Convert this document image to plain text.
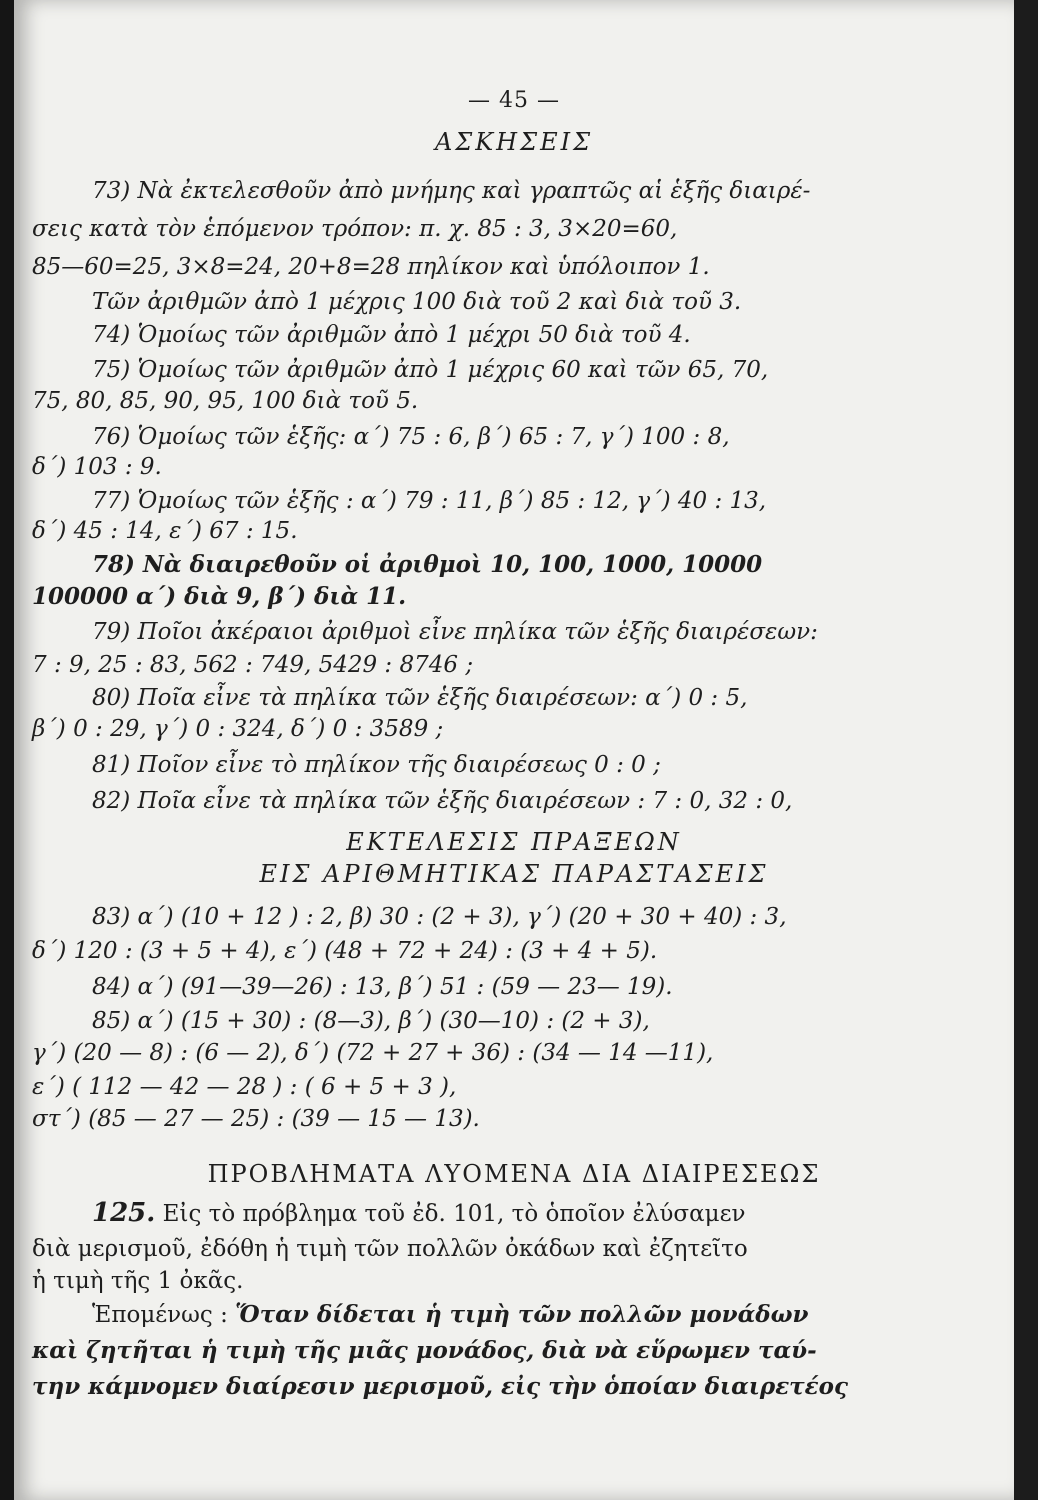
— 45 —
ΑΣΚΗΣΕΙΣ
73) Νὰ ἐκτελεσθοῦν ἀπὸ μνήμης καὶ γραπτῶς αἱ ἑξῆς διαιρέ-
σεις κατὰ τὸν ἑπόμενον τρόπον: π. χ. 85 : 3, 3×20=60,
85—60=25, 3×8=24, 20+8=28 πηλίκον καὶ ὑπόλοιπον 1.
Τῶν ἀριθμῶν ἀπὸ 1 μέχρις 100 διὰ τοῦ 2 καὶ διὰ τοῦ 3.
74) Ὁμοίως τῶν ἀριθμῶν ἀπὸ 1 μέχρι 50 διὰ τοῦ 4.
75) Ὁμοίως τῶν ἀριθμῶν ἀπὸ 1 μέχρις 60 καὶ τῶν 65, 70,
75, 80, 85, 90, 95, 100 διὰ τοῦ 5.
76) Ὁμοίως τῶν ἑξῆς: α΄) 75 : 6, β΄) 65 : 7, γ΄) 100 : 8,
δ΄) 103 : 9.
77) Ὁμοίως τῶν ἑξῆς : α΄) 79 : 11, β΄) 85 : 12, γ΄) 40 : 13,
δ΄) 45 : 14, ε΄) 67 : 15.
78) Νὰ διαιρεθοῦν οἱ ἀριθμοὶ 10, 100, 1000, 10000
100000 α΄) διὰ 9, β΄) διὰ 11.
79) Ποῖοι ἀκέραιοι ἀριθμοὶ εἶνε πηλίκα τῶν ἑξῆς διαιρέσεων:
7 : 9, 25 : 83, 562 : 749, 5429 : 8746 ;
80) Ποῖα εἶνε τὰ πηλίκα τῶν ἑξῆς διαιρέσεων: α΄) 0 : 5,
β΄) 0 : 29, γ΄) 0 : 324, δ΄) 0 : 3589 ;
81) Ποῖον εἶνε τὸ πηλίκον τῆς διαιρέσεως 0 : 0 ;
82) Ποῖα εἶνε τὰ πηλίκα τῶν ἑξῆς διαιρέσεων : 7 : 0, 32 : 0,
ΕΚΤΕΛΕΣΙΣ ΠΡΑΞΕΩΝ
ΕΙΣ ΑΡΙΘΜΗΤΙΚΑΣ ΠΑΡΑΣΤΑΣΕΙΣ
83) α΄) (10 + 12 ) : 2, β) 30 : (2 + 3), γ΄) (20 + 30 + 40) : 3,
δ΄) 120 : (3 + 5 + 4), ε΄) (48 + 72 + 24) : (3 + 4 + 5).
84) α΄) (91—39—26) : 13, β΄) 51 : (59 — 23— 19).
85) α΄) (15 + 30) : (8—3), β΄) (30—10) : (2 + 3),
γ΄) (20 — 8) : (6 — 2), δ΄) (72 + 27 + 36) : (34 — 14 —11),
ε΄) ( 112 — 42 — 28 ) : ( 6 + 5 + 3 ),
στ΄) (85 — 27 — 25) : (39 — 15 — 13).
ΠΡΟΒΛΗΜΑΤΑ ΛΥΟΜΕΝΑ ΔΙΑ ΔΙΑΙΡΕΣΕΩΣ
125. Εἰς τὸ πρόβλημα τοῦ ἐδ. 101, τὸ ὁποῖον ἐλύσαμεν
διὰ μερισμοῦ, ἐδόθη ἡ τιμὴ τῶν πολλῶν ὀκάδων καὶ ἐζητεῖτο
ἡ τιμὴ τῆς 1 ὀκᾶς.
Ἑπομένως : Ὅταν δίδεται ἡ τιμὴ τῶν πολλῶν μονάδων
καὶ ζητῆται ἡ τιμὴ τῆς μιᾶς μονάδος, διὰ νὰ εὕρωμεν ταύ-
την κάμνομεν διαίρεσιν μερισμοῦ, εἰς τὴν ὁποίαν διαιρετέος
